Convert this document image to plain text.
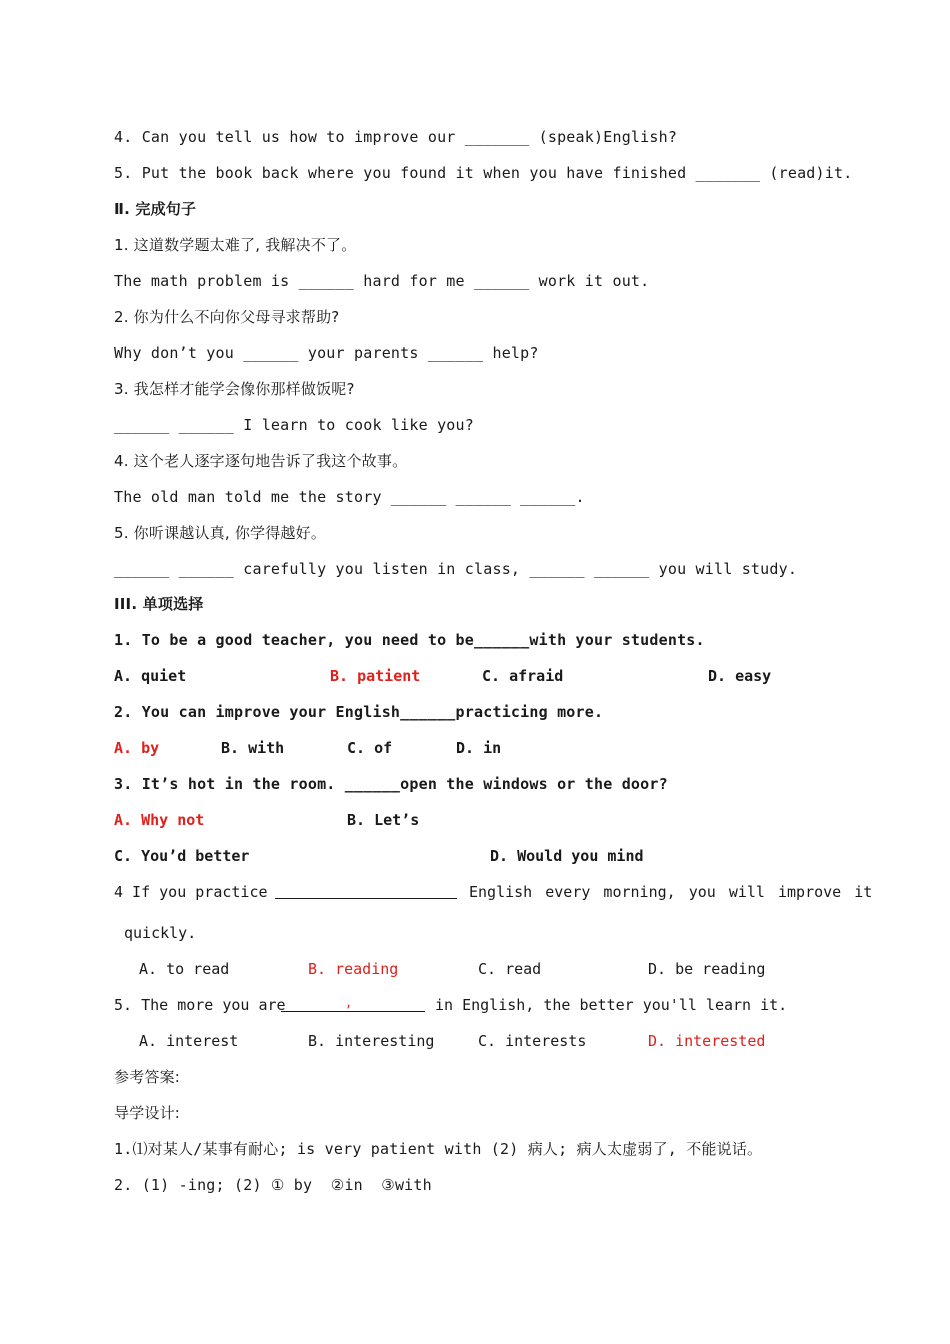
4. Can you tell us how to improve our _______ (speak)English?
5. Put the book back where you found it when you have finished _______ (read)it.
Ⅱ. 完成句子
1. 这道数学题太难了, 我解决不了。
The math problem is ______ hard for me ______ work it out.
2. 你为什么不向你父母寻求帮助?
Why don’t you ______ your parents ______ help?
3. 我怎样才能学会像你那样做饭呢?
______ ______ I learn to cook like you?
4. 这个老人逐字逐句地告诉了我这个故事。
The old man told me the story ______ ______ ______.
5. 你听课越认真, 你学得越好。
______ ______ carefully you listen in class, ______ ______ you will study.
III. 单项选择
1. To be a good teacher, you need to be______with your students.
A. quiet	B. patient	C. afraid	D. easy
2. You can improve your English______practicing more.
A. by	B. with	C. of	D. in
3. It’s hot in the room. ______open the windows or the door?
A. Why not	B. Let’s
C. You’d better	D. Would you mind
4 If you practice	English every morning, you will improve it
quickly.
A. to read	B. reading	C. read	D. be reading
5. The more you are	,	in English, the better you'll learn it.
A. interest	B. interesting	C. interests	D. interested
参考答案:
导学设计:
1.⑴对某人/某事有耐心; is very patient with (2) 病人; 病人太虚弱了, 不能说话。
2. (1) -ing; (2) ① by  ②in  ③with
